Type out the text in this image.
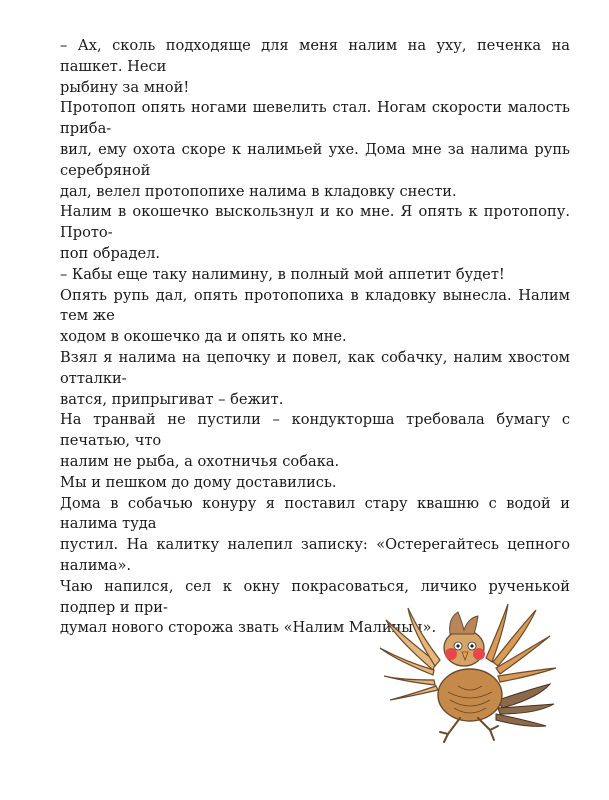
– Ах, сколь подходяще для меня налим на уху, печенка на пашкет. Неси
рыбину за мной!

Протопоп опять ногами шевелить стал. Ногам скорости малость приба-
вил, ему охота скоре к налимьей ухе. Дома мне за налима рупь серебряной
дал, велел протопопихе налима в кладовку снести.

Налим в окошечко выскользнул и ко мне. Я опять к протопопу. Прото-
поп обрадел.

– Кабы еще таку налимину, в полный мой аппетит будет!

Опять рупь дал, опять протопопиха в кладовку вынесла. Налим тем же
ходом в окошечко да и опять ко мне.

Взял я налима на цепочку и повел, как собачку, налим хвостом отталки-
ватся, припрыгиват – бежит.

На транвай не пустили – кондукторша требовала бумагу с печатью, что
налим не рыба, а охотничья собака.

Мы и пешком до дому доставились.

Дома в собачью конуру я поставил стару квашню с водой и налима туда
пустил. На калитку налепил записку: «Остерегайтесь цепного налима».

Чаю напился, сел к окну покрасоваться, личико рученькой подпер и при-
думал нового сторожа звать «Налим
